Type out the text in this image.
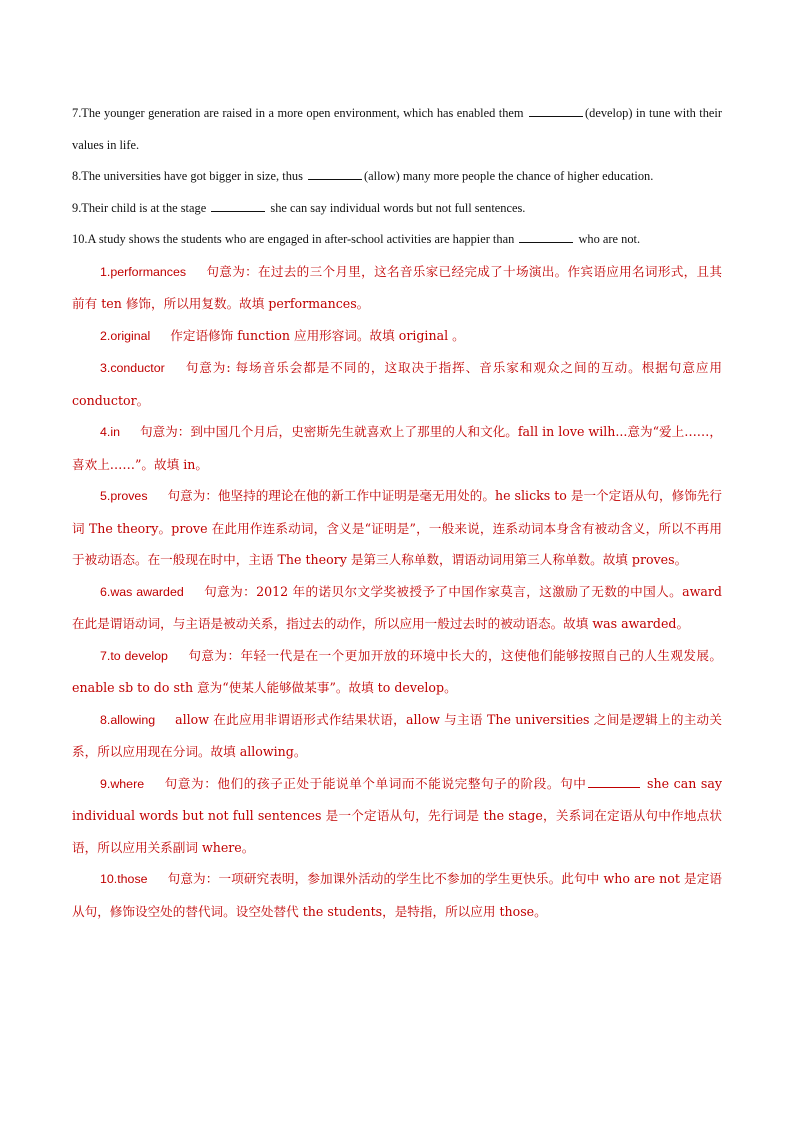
7.The younger generation are raised in a more open environment, which has enabled them	(develop) in tune with their values in life.

8.The universities have got bigger in size, thus	(allow) many more people the chance of higher education.

9.Their child is at the stage	she can say individual words but not full sentences.

10.A study shows the students who are engaged in after-school activities are happier than	who are not.

1.performances 句意为：在过去的三个月里，这名音乐家已经完成了十场演出。作宾语应用名词形式，且其前有 ten 修饰，所以用复数。故填 performances。

2.original 作定语修饰 function 应用形容词。故填 original 。

3.conductor 句意为: 每场音乐会都是不同的，这取决于指挥、音乐家和观众之间的互动。根据句意应用 conductor。

4.in 句意为：到中国几个月后，史密斯先生就喜欢上了那里的人和文化。fall in love wilh...意为“爱上……，喜欢上……”。故填 in。

5.proves 句意为：他坚持的理论在他的新工作中证明是毫无用处的。he slicks to 是一个定语从句，修饰先行词 The theory。prove 在此用作连系动词，含义是“证明是”，一般来说，连系动词本身含有被动含义，所以不再用于被动语态。在一般现在时中，主语 The theory 是第三人称单数，谓语动词用第三人称单数。故填 proves。

6.was awarded 句意为：2012 年的诺贝尔文学奖被授予了中国作家莫言，这激励了无数的中国人。award 在此是谓语动词，与主语是被动关系，指过去的动作，所以应用一般过去时的被动语态。故填 was awarded。

7.to develop 句意为：年轻一代是在一个更加开放的环境中长大的，这使他们能够按照自己的人生观发展。enable sb to do sth 意为“使某人能够做某事”。故填 to develop。

8.allowing allow 在此应用非谓语形式作结果状语，allow 与主语 The universities 之间是逻辑上的主动关系，所以应用现在分词。故填 allowing。

9.where 句意为：他们的孩子正处于能说单个单词而不能说完整句子的阶段。句中	she can say individual words but not full sentences 是一个定语从句，先行词是 the stage，关系词在定语从句中作地点状语，所以应用关系副词 where。

10.those 句意为：一项研究表明，参加课外活动的学生比不参加的学生更快乐。此句中 who are not 是定语从句，修饰设空处的替代词。设空处替代 the students，是特指，所以应用 those。
